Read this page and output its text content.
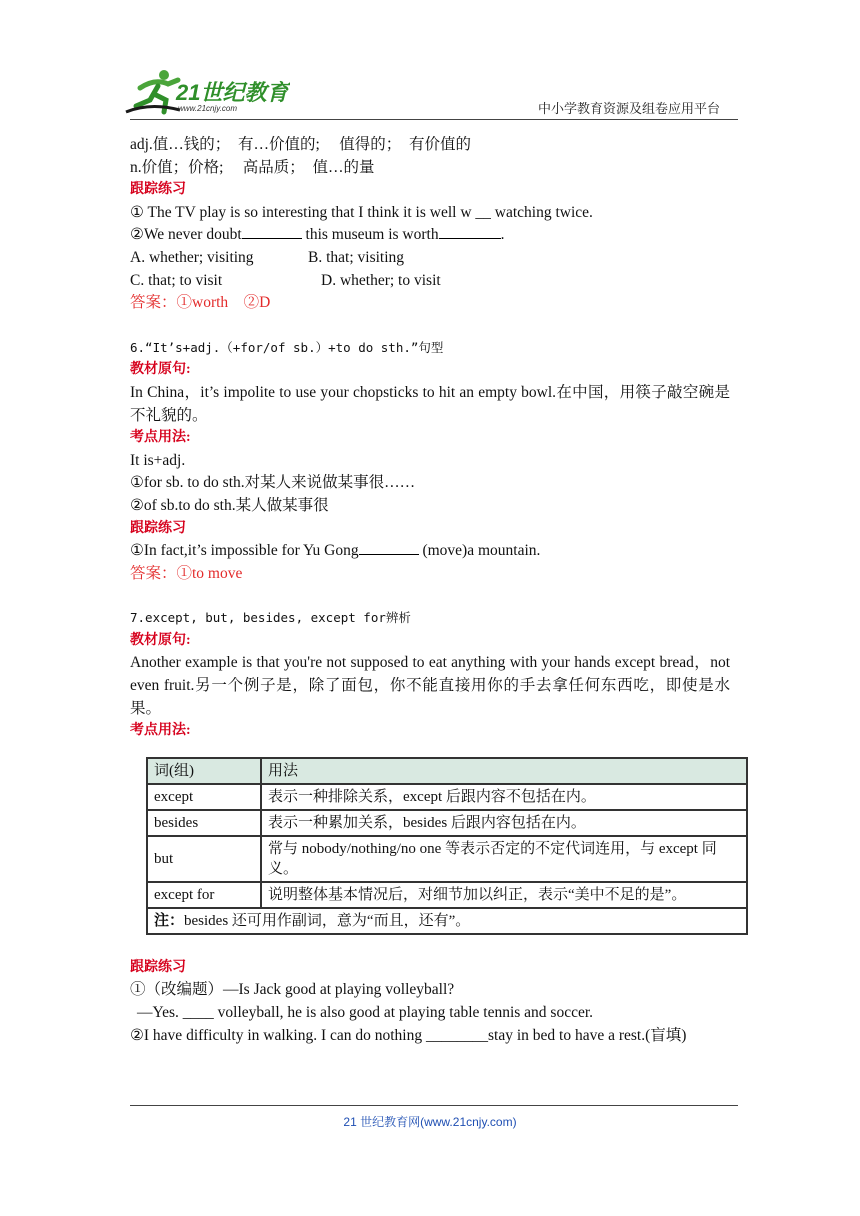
21世纪教育
www.21cnjy.com	中小学教育资源及组卷应用平台

adj.值…钱的；　有…价值的;　 值得的；　有价值的

n.价值；价格;　 高品质；　值…的量

跟踪练习

① The TV play is so interesting that I think it is well w __ watching twice.

②We never doubt	this museum is worth	.

A. whether; visiting	B. that; visiting

C. that; to visit	D. whether; to visit

答案：①worth　②D

6.“It’s+adj.（+for/of sb.）+to do sth.”句型

教材原句:

In China，it’s impolite to use your chopsticks to hit an empty bowl.在中国，用筷子敲空碗是不礼貌的。

考点用法:

It is+adj.

①for sb. to do sth.对某人来说做某事很……

②of sb.to do sth.某人做某事很

跟踪练习

①In fact,it’s impossible for Yu Gong	(move)a mountain.

答案：①to move

7.except, but, besides, except for辨析

教材原句:

Another example is that you're not supposed to eat anything with your hands except bread，not even fruit.另一个例子是，除了面包，你不能直接用你的手去拿任何东西吃，即使是水果。

考点用法:

词(组)	用法
except	表示一种排除关系，except 后跟内容不包括在内。
besides	表示一种累加关系，besides 后跟内容包括在内。
but	常与 nobody/nothing/no one 等表示否定的不定代词连用，与 except 同义。
except for	说明整体基本情况后，对细节加以纠正，表示“美中不足的是”。
注：besides 还可用作副词，意为“而且，还有”。	

跟踪练习

①（改编题）—Is Jack good at playing volleyball?

—Yes. ____ volleyball, he is also good at playing table tennis and soccer.

②I have difficulty in walking. I can do nothing ________stay in bed to have a rest.(盲填)

21 世纪教育网(www.21cnjy.com)
